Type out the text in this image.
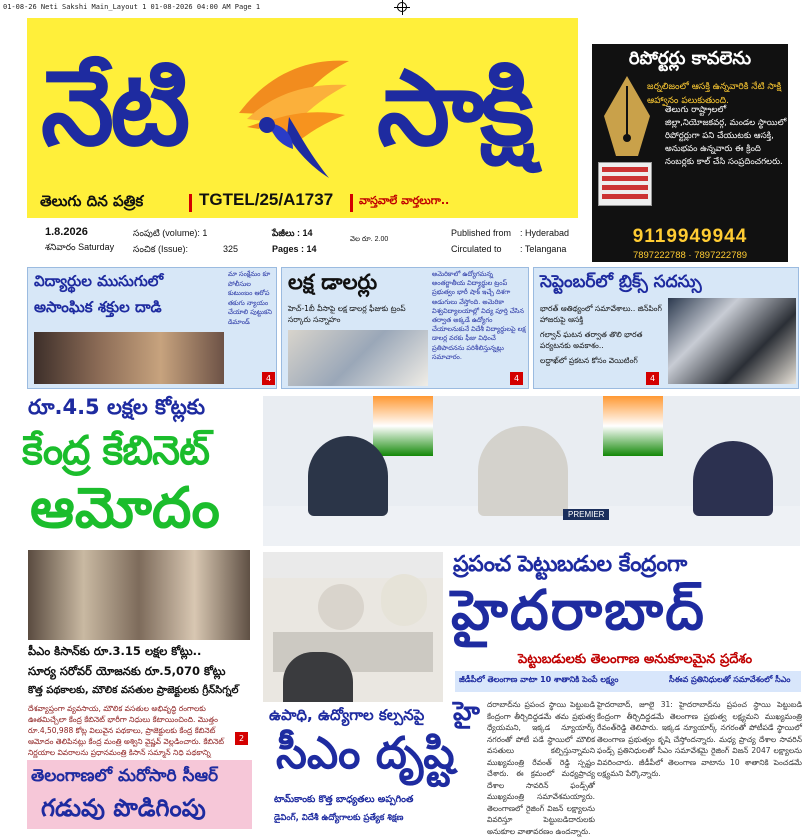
01-08-26 Neti Sakshi Main_Layout 1 01-08-2026 04:00 AM Page 1
నేటి సాక్షి
తెలుగు దిన పత్రిక	TGTEL/25/A1737 వాస్తవాలే వార్తలుగా..
రిపోర్టర్లు కావలెను
జర్నలిజంలో ఆసక్తి ఉన్నవారికి నేటి సాక్షి ఆహ్వానం పలుకుతుంది.
తెలుగు రాష్ట్రాలలో జిల్లా,నియోజకవర్గ, మండల స్థాయిలో రిపోర్టర్లుగా పని చేయుటకు ఆసక్తి, అనుభవం ఉన్నవారు ఈ క్రింది నంబర్లకు కాల్ చేసి సంప్రదించగలరు.
9119949944
7897222788 · 7897222789
1.8.2026
శనివారం Saturday
సంపుటి (volume): 1
సంచిక (Issue):	325
పేజీలు : 14
Pages : 14
వెల రూ. 2.00
Published from : Hyderabad
Circulated to : Telangana
విద్యార్థుల ముసుగులో
అసాంఘిక శక్తుల దాడి
మా సంక్షేమం కూ పోలీసుల కుటుంబం ఆరోప తకుగు న్యాయం చేయాలి పుట్టుకని డిమాండ్
4
లక్ష డాలర్లు
హెచ్-1బీ వీసాపై లక్ష డాలర్ల ఫీజుకు ట్రంప్ సర్కారు సన్నాహం
అమెరికాలో ఉద్యోగమన్న అంతర్జాతీయ విద్యార్థుల ట్రంప్ ప్రభుత్వం భారీ షాక్ ఇచ్చే దిశగా అడుగులు వేస్తోంది. అమెరికా విశ్వవిద్యాలయాల్లో విద్య పూర్తి చేసిన తర్వాత అక్కడే ఉద్యోగం చేయాలనుకునే విదేశీ విద్యార్థులపై లక్ష డాలర్ల వరకు ఫీజు విధించే ప్రతిపాదనను పరిశీలిస్తున్నట్లు సమాచారం.
4
సెప్టెంబర్‌లో బ్రిక్స్ సదస్సు
భారత్ ఆతిథ్యంలో సమావేశాలు.. జిన్‌పింగ్ హాజరుపై ఆసక్తి
గల్వాన్ ఘటన తర్వాత తొలి భారత పర్యటనకు అవకాశం..
లద్దాఖ్‌లో ప్రకటన కోసం వెయిటింగ్
4
రూ.4.5 లక్షల కోట్లకు
కేంద్ర కేబినెట్
ఆమోదం
పీఎం కిసాన్‌కు రూ.3.15 లక్షల కోట్లు..
సూర్య సరోవర్ యోజనకు రూ.5,070 కోట్లు
కొత్త పథకాలకు, మౌలిక వసతుల ప్రాజెక్టులకు గ్రీన్‌సిగ్నల్
దేశవ్యాప్తంగా వ్యవసాయ, మౌలిక వసతుల అభివృద్ధి రంగాలకు ఊతమిచ్చేలా కేంద్ర కేబినెట్ భారీగా నిధులు కేటాయించింది. మొత్తం రూ.4,50,988 కోట్ల విలువైన పథకాలు, ప్రాజెక్టులకు కేంద్ర కేబినెట్ ఆమోదం తెలిపినట్లు కేంద్ర మంత్రి అశ్విని వైష్ణవ్ వెల్లడించారు. కేబినెట్ నిర్ణయాల వివరాలను ప్రధానమంత్రి కిసాన్ సమ్మాన్ నిధి పథకాన్ని
2
తెలంగాణలో మరోసారి సీఆర్
గడువు పొడిగింపు
PREMIER
ప్రపంచ పెట్టుబడుల కేంద్రంగా
హైదరాబాద్
పెట్టుబడులకు తెలంగాణ అనుకూలమైన ప్రదేశం
జీడీపీలో తెలంగాణ వాటా 10 శాతానికి పెంపే లక్ష్యం	సీఈవ ప్రతినిధులతో సమావేశంలో సీఎం
హై దరాబాద్‌ను ప్రపంచ స్థాయి పెట్టుబడి కేంద్రంగా తీర్చిదిద్దడమే తమ ప్రభుత్వ ధ్యేయమని, ఇక్కడ న్యూయార్క్ నగరంతో పోటీ పడే స్థాయిలో మౌలిక వసతులు కల్పిస్తున్నామని ముఖ్యమంత్రి రేవంత్ రెడ్డి స్పష్టం చేశారు. ఈ క్రమంలో మధ్యప్రాచ్య దేశాల సావరిన్ ఫండ్స్‌తో ముఖ్యమంత్రి సమావేశమయ్యారు. తెలంగాణలో రైజింగ్ విజన్ లక్ష్యాలను వివరిస్తూ పెట్టుబడిదారులకు అనుకూల వాతావరణం ఉందన్నారు.
హైదరాబాద్, జూలై 31: హైదరాబాద్‌ను ప్రపంచ స్థాయి పెట్టుబడి కేంద్రంగా తీర్చిదిద్దడమే తెలంగాణ ప్రభుత్వ లక్ష్యమని ముఖ్యమంత్రి రేవంత్‌రెడ్డి తెలిపారు. ఇక్కడ న్యూయార్క్ నగరంతో పోటీపడే స్థాయిలో తెలంగాణ ప్రభుత్వం కృషి చేస్తోందన్నారు. మధ్య ప్రాచ్య దేశాల సావరిన్ ఫండ్స్ ప్రతినిధులతో సీఎం సమావేశమై రైజింగ్ విజన్ 2047 లక్ష్యాలను వివరించారు. జీడీపీలో తెలంగాణ వాటాను 10 శాతానికి పెంచడమే లక్ష్యమని పేర్కొన్నారు.
ఉపాధి, ఉద్యోగాల కల్పనపై
సీఎం దృష్టి
టామ్‌కాంకు కొత్త బాధ్యతలు అప్పగింత
డైవింగ్, విదేశీ ఉద్యోగాలకు ప్రత్యేక శిక్షణ
